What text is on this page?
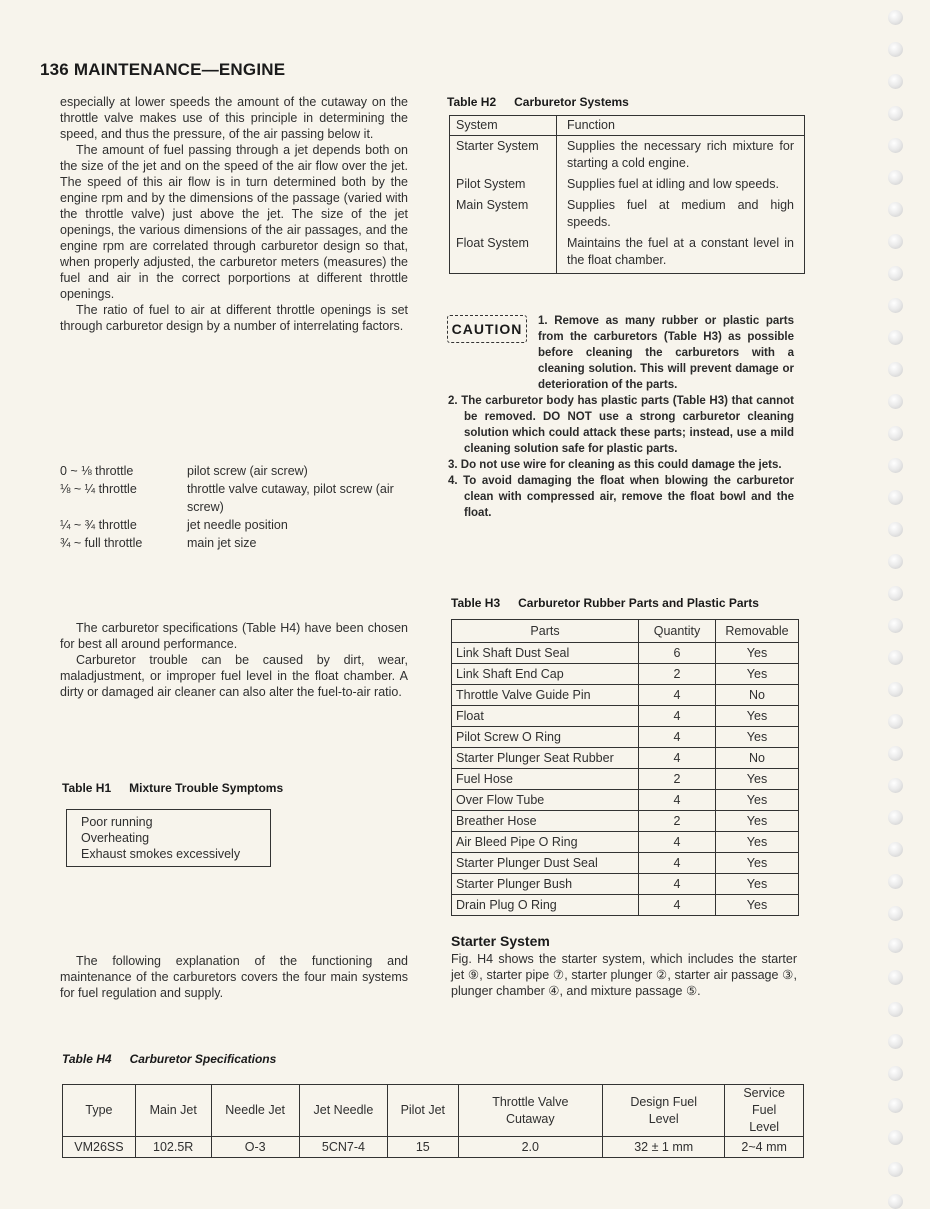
136 MAINTENANCE—ENGINE

especially at lower speeds the amount of the cutaway on the throttle valve makes use of this principle in determining the speed, and thus the pressure, of the air passing below it.

The amount of fuel passing through a jet depends both on the size of the jet and on the speed of the air flow over the jet. The speed of this air flow is in turn determined both by the engine rpm and by the dimensions of the passage (varied with the throttle valve) just above the jet. The size of the jet openings, the various dimensions of the air passages, and the engine rpm are correlated through carburetor design so that, when properly adjusted, the carburetor meters (measures) the fuel and air in the correct porportions at different throttle openings.

The ratio of fuel to air at different throttle openings is set through carburetor design by a number of interrelating factors.

0 ~ ⅛ throttle	pilot screw (air screw)
⅛ ~ ¼ throttle	throttle valve cutaway, pilot screw (air screw)
¼ ~ ¾ throttle	jet needle position
¾ ~ full throttle	main jet size

The carburetor specifications (Table H4) have been chosen for best all around performance.

Carburetor trouble can be caused by dirt, wear, maladjustment, or improper fuel level in the float chamber. A dirty or damaged air cleaner can also alter the fuel-to-air ratio.

Table H1 Mixture Trouble Symptoms
Poor running
Overheating
Exhaust smokes excessively

The following explanation of the functioning and maintenance of the carburetors covers the four main systems for fuel regulation and supply.

Table H2 Carburetor Systems
System	Function
Starter System	Supplies the necessary rich mixture for starting a cold engine.
Pilot System	Supplies fuel at idling and low speeds.
Main System	Supplies fuel at medium and high speeds.
Float System	Maintains the fuel at a constant level in the float chamber.
CAUTION	1. Remove as many rubber or plastic parts from the carburetors (Table H3) as possible before cleaning the carburetors with a cleaning solution. This will prevent damage or deterioration of the parts.
2. The carburetor body has plastic parts (Table H3) that cannot be removed. DO NOT use a strong carburetor cleaning solution which could attack these parts; instead, use a mild cleaning solution safe for plastic parts.
3. Do not use wire for cleaning as this could damage the jets.
4. To avoid damaging the float when blowing the carburetor clean with compressed air, remove the float bowl and the float.
Table H3 Carburetor Rubber Parts and Plastic Parts
Parts	Quantity	Removable
Link Shaft Dust Seal	6	Yes
Link Shaft End Cap	2	Yes
Throttle Valve Guide Pin	4	No
Float	4	Yes
Pilot Screw O Ring	4	Yes
Starter Plunger Seat Rubber	4	No
Fuel Hose	2	Yes
Over Flow Tube	4	Yes
Breather Hose	2	Yes
Air Bleed Pipe O Ring	4	Yes
Starter Plunger Dust Seal	4	Yes
Starter Plunger Bush	4	Yes
Drain Plug O Ring	4	Yes
Starter System

Fig. H4 shows the starter system, which includes the starter jet ⑨, starter pipe ⑦, starter plunger ②, starter air passage ③, plunger chamber ④, and mixture passage ⑤.

Table H4 Carburetor Specifications
Type	Main Jet	Needle Jet	Jet Needle	Pilot Jet	Throttle Valve Cutaway	Design Fuel Level	Service Fuel Level
VM26SS	102.5R	O-3	5CN7-4	15	2.0	32 ± 1 mm	2~4 mm
